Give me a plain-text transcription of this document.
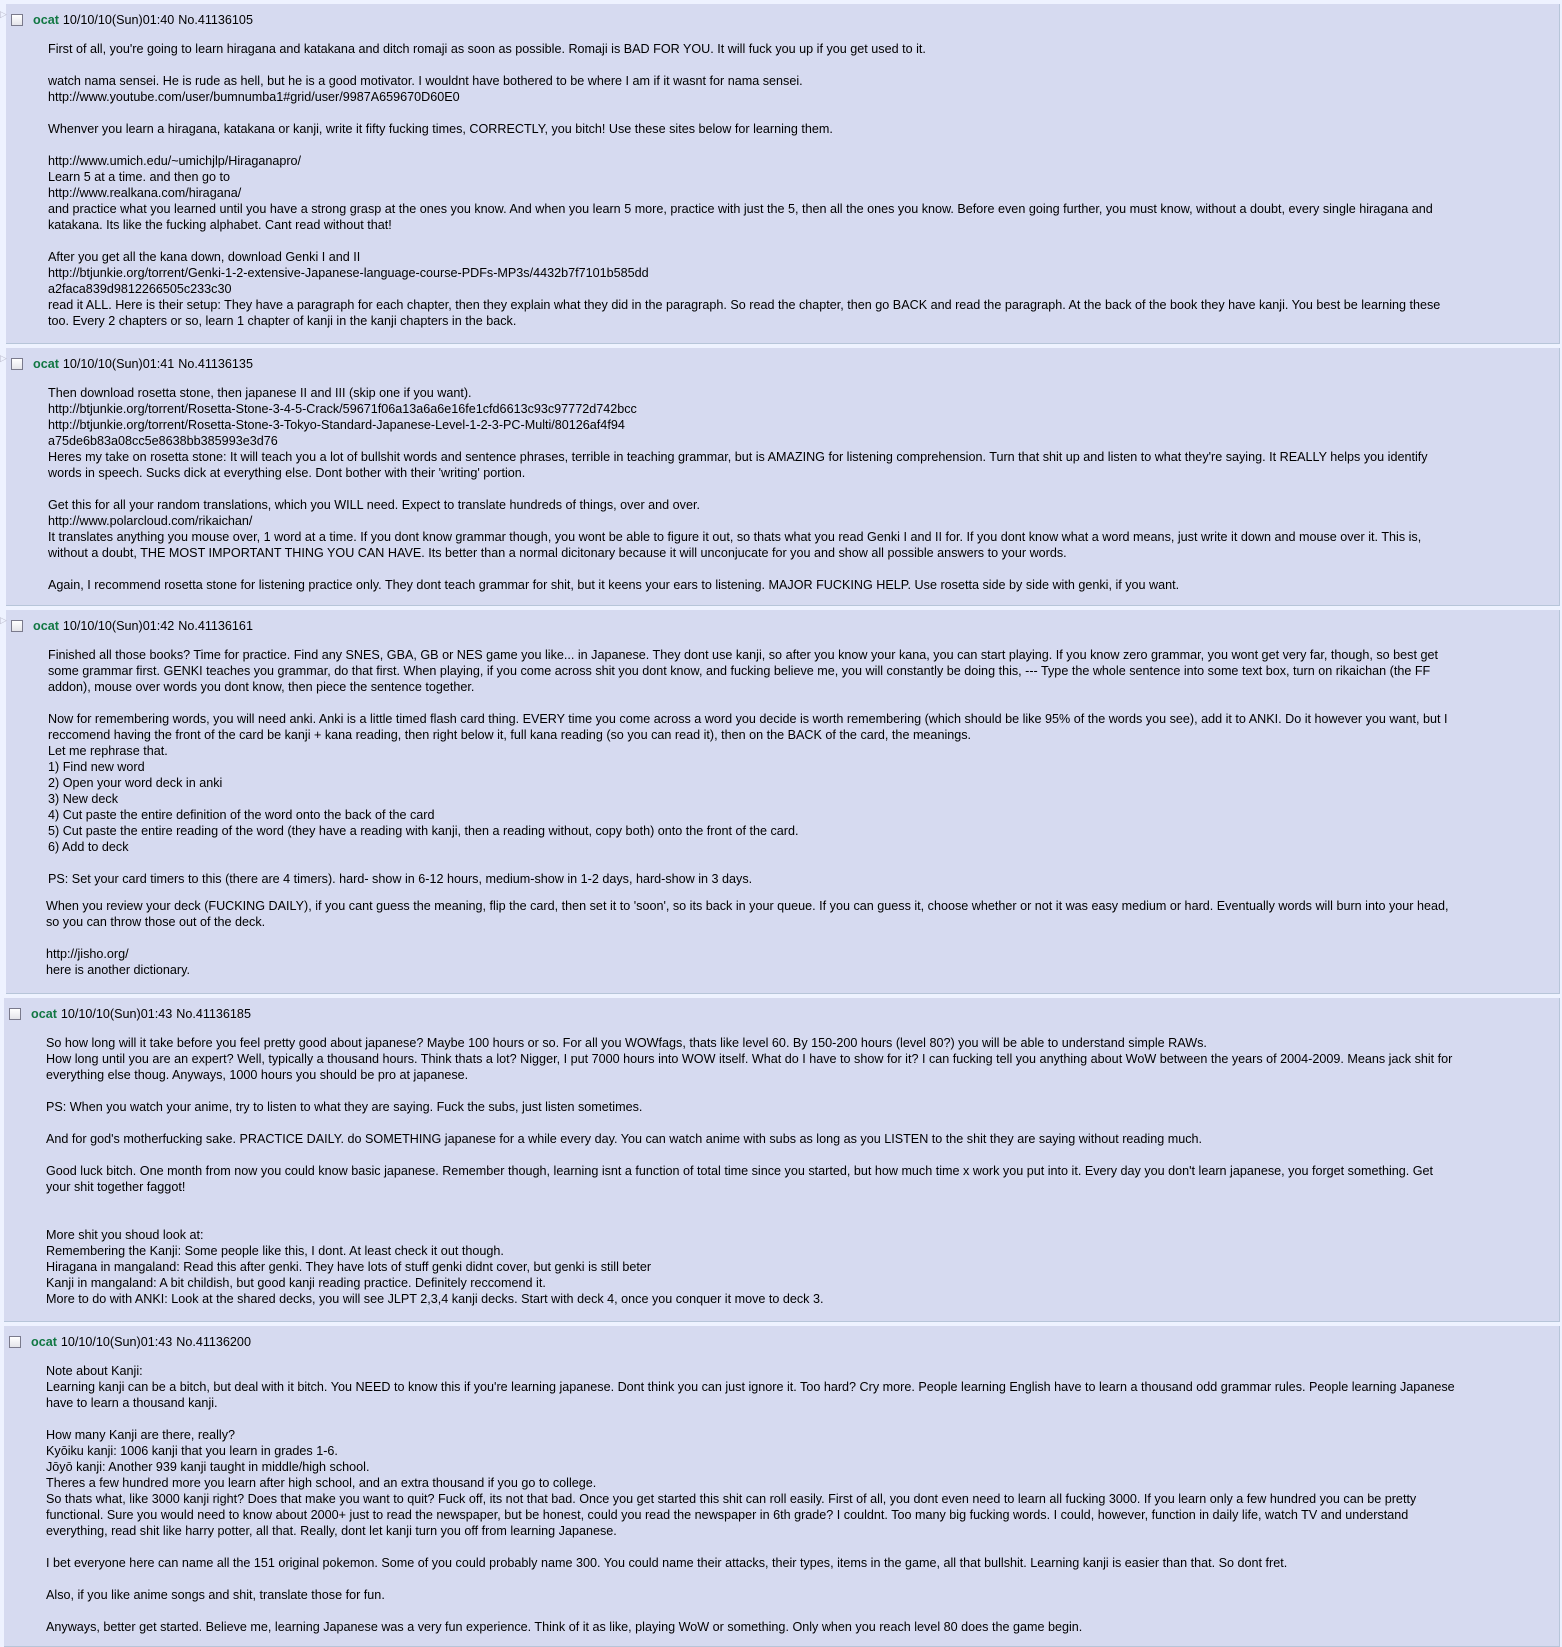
▷ ocat 10/10/10(Sun)01:40 No.41136105
First of all, you're going to learn hiragana and katakana and ditch romaji as soon as possible. Romaji is BAD FOR YOU. It will fuck you up if you get used to it.

watch nama sensei. He is rude as hell, but he is a good motivator. I wouldnt have bothered to be where I am if it wasnt for nama sensei.
http://www.youtube.com/user/bumnumba1#grid/user/9987A659670D60E0

Whenver you learn a hiragana, katakana or kanji, write it fifty fucking times, CORRECTLY, you bitch! Use these sites below for learning them.

http://www.umich.edu/~umichjlp/Hiraganapro/
Learn 5 at a time. and then go to
http://www.realkana.com/hiragana/
and practice what you learned until you have a strong grasp at the ones you know. And when you learn 5 more, practice with just the 5, then all the ones you know. Before even going further, you must know, without a doubt, every single hiragana and
katakana. Its like the fucking alphabet. Cant read without that!

After you get all the kana down, download Genki I and II
http://btjunkie.org/torrent/Genki-1-2-extensive-Japanese-language-course-PDFs-MP3s/4432b7f7101b585dd
a2faca839d9812266505c233c30
read it ALL. Here is their setup: They have a paragraph for each chapter, then they explain what they did in the paragraph. So read the chapter, then go BACK and read the paragraph. At the back of the book they have kanji. You best be learning these
too. Every 2 chapters or so, learn 1 chapter of kanji in the kanji chapters in the back.
▷ ocat 10/10/10(Sun)01:41 No.41136135
Then download rosetta stone, then japanese II and III (skip one if you want).
http://btjunkie.org/torrent/Rosetta-Stone-3-4-5-Crack/59671f06a13a6a6e16fe1cfd6613c93c97772d742bcc
http://btjunkie.org/torrent/Rosetta-Stone-3-Tokyo-Standard-Japanese-Level-1-2-3-PC-Multi/80126af4f94
a75de6b83a08cc5e8638bb385993e3d76
Heres my take on rosetta stone: It will teach you a lot of bullshit words and sentence phrases, terrible in teaching grammar, but is AMAZING for listening comprehension. Turn that shit up and listen to what they're saying. It REALLY helps you identify
words in speech. Sucks dick at everything else. Dont bother with their 'writing' portion.

Get this for all your random translations, which you WILL need. Expect to translate hundreds of things, over and over.
http://www.polarcloud.com/rikaichan/
It translates anything you mouse over, 1 word at a time. If you dont know grammar though, you wont be able to figure it out, so thats what you read Genki I and II for. If you dont know what a word means, just write it down and mouse over it. This is,
without a doubt, THE MOST IMPORTANT THING YOU CAN HAVE. Its better than a normal dicitonary because it will unconjucate for you and show all possible answers to your words.

Again, I recommend rosetta stone for listening practice only. They dont teach grammar for shit, but it keens your ears to listening. MAJOR FUCKING HELP. Use rosetta side by side with genki, if you want.
▷ ocat 10/10/10(Sun)01:42 No.41136161
Finished all those books? Time for practice. Find any SNES, GBA, GB or NES game you like... in Japanese. They dont use kanji, so after you know your kana, you can start playing. If you know zero grammar, you wont get very far, though, so best get
some grammar first. GENKI teaches you grammar, do that first. When playing, if you come across shit you dont know, and fucking believe me, you will constantly be doing this, --- Type the whole sentence into some text box, turn on rikaichan (the FF
addon), mouse over words you dont know, then piece the sentence together.

Now for remembering words, you will need anki. Anki is a little timed flash card thing. EVERY time you come across a word you decide is worth remembering (which should be like 95% of the words you see), add it to ANKI. Do it however you want, but I
reccomend having the front of the card be kanji + kana reading, then right below it, full kana reading (so you can read it), then on the BACK of the card, the meanings.
Let me rephrase that.
1) Find new word
2) Open your word deck in anki
3) New deck
4) Cut paste the entire definition of the word onto the back of the card
5) Cut paste the entire reading of the word (they have a reading with kanji, then a reading without, copy both) onto the front of the card.
6) Add to deck

PS: Set your card timers to this (there are 4 timers). hard- show in 6-12 hours, medium-show in 1-2 days, hard-show in 3 days.
When you review your deck (FUCKING DAILY), if you cant guess the meaning, flip the card, then set it to 'soon', so its back in your queue. If you can guess it, choose whether or not it was easy medium or hard. Eventually words will burn into your head,
so you can throw those out of the deck.

http://jisho.org/
here is another dictionary.
ocat 10/10/10(Sun)01:43 No.41136185
So how long will it take before you feel pretty good about japanese? Maybe 100 hours or so. For all you WOWfags, thats like level 60. By 150-200 hours (level 80?) you will be able to understand simple RAWs.
How long until you are an expert? Well, typically a thousand hours. Think thats a lot? Nigger, I put 7000 hours into WOW itself. What do I have to show for it? I can fucking tell you anything about WoW between the years of 2004-2009. Means jack shit for
everything else thoug. Anyways, 1000 hours you should be pro at japanese.

PS: When you watch your anime, try to listen to what they are saying. Fuck the subs, just listen sometimes.

And for god's motherfucking sake. PRACTICE DAILY. do SOMETHING japanese for a while every day. You can watch anime with subs as long as you LISTEN to the shit they are saying without reading much.

Good luck bitch. One month from now you could know basic japanese. Remember though, learning isnt a function of total time since you started, but how much time x work you put into it. Every day you don't learn japanese, you forget something. Get
your shit together faggot!

More shit you shoud look at:
Remembering the Kanji: Some people like this, I dont. At least check it out though.
Hiragana in mangaland: Read this after genki. They have lots of stuff genki didnt cover, but genki is still beter
Kanji in mangaland: A bit childish, but good kanji reading practice. Definitely reccomend it.
More to do with ANKI: Look at the shared decks, you will see JLPT 2,3,4 kanji decks. Start with deck 4, once you conquer it move to deck 3.
ocat 10/10/10(Sun)01:43 No.41136200
Note about Kanji:
Learning kanji can be a bitch, but deal with it bitch. You NEED to know this if you're learning japanese. Dont think you can just ignore it. Too hard? Cry more. People learning English have to learn a thousand odd grammar rules. People learning Japanese
have to learn a thousand kanji.

How many Kanji are there, really?
Kyōiku kanji: 1006 kanji that you learn in grades 1-6.
Jōyō kanji: Another 939 kanji taught in middle/high school.
Theres a few hundred more you learn after high school, and an extra thousand if you go to college.
So thats what, like 3000 kanji right? Does that make you want to quit? Fuck off, its not that bad. Once you get started this shit can roll easily. First of all, you dont even need to learn all fucking 3000. If you learn only a few hundred you can be pretty
functional. Sure you would need to know about 2000+ just to read the newspaper, but be honest, could you read the newspaper in 6th grade? I couldnt. Too many big fucking words. I could, however, function in daily life, watch TV and understand
everything, read shit like harry potter, all that. Really, dont let kanji turn you off from learning Japanese.

I bet everyone here can name all the 151 original pokemon. Some of you could probably name 300. You could name their attacks, their types, items in the game, all that bullshit. Learning kanji is easier than that. So dont fret.

Also, if you like anime songs and shit, translate those for fun.

Anyways, better get started. Believe me, learning Japanese was a very fun experience. Think of it as like, playing WoW or something. Only when you reach level 80 does the game begin.
